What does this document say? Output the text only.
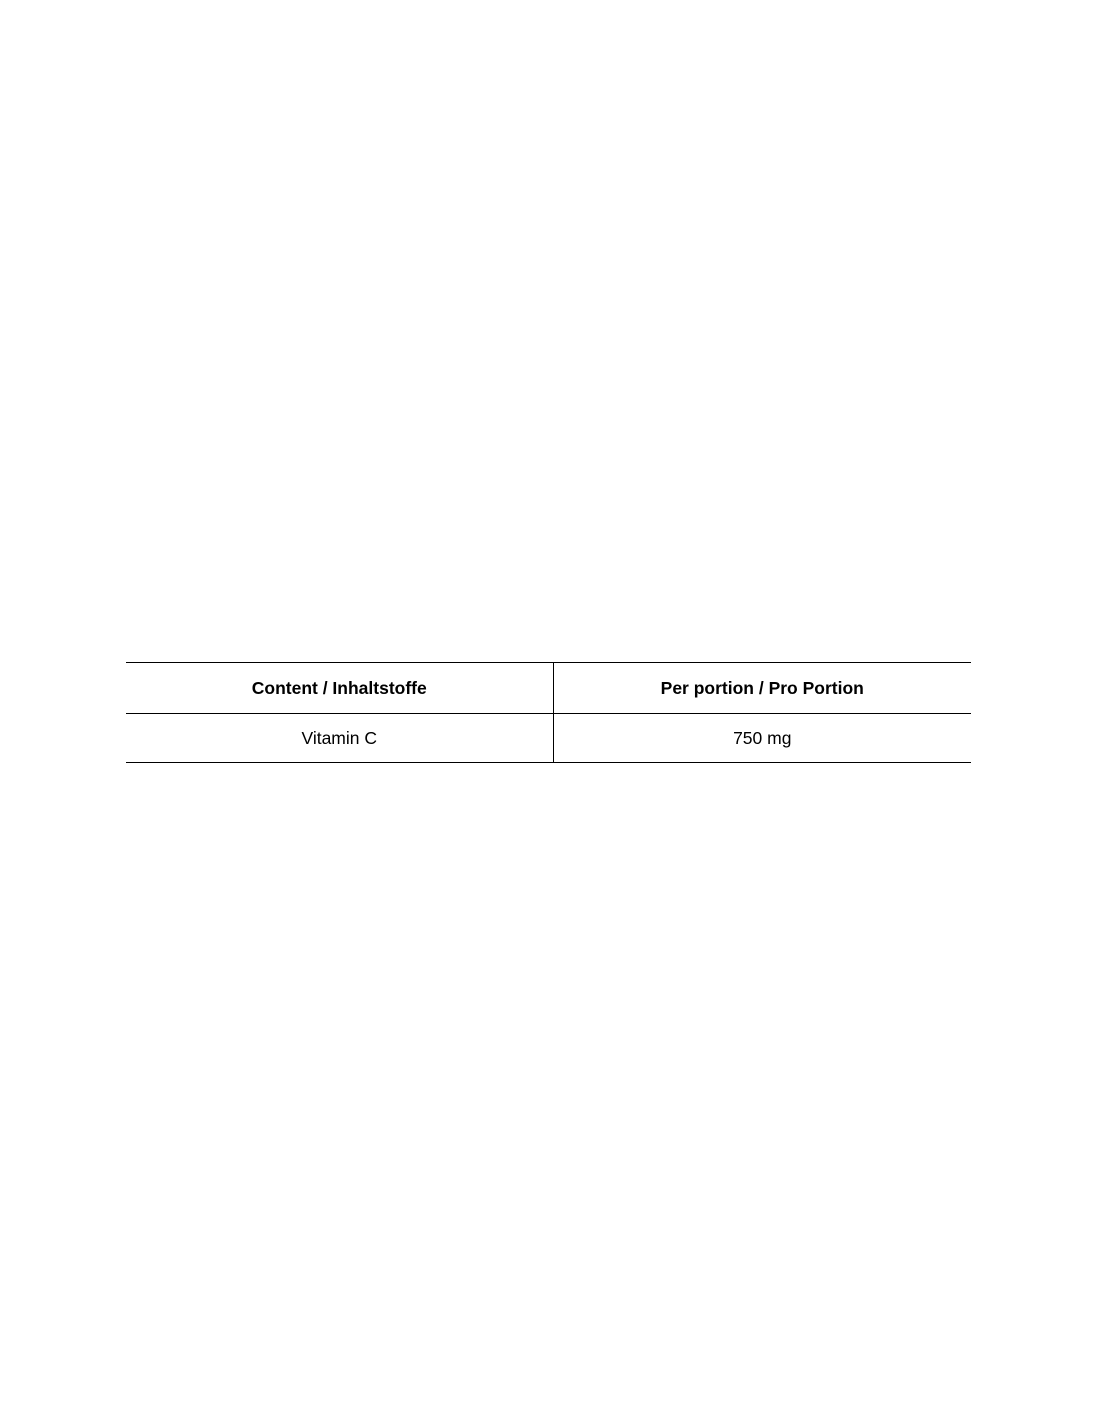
Content / Inhaltstoffe	Per portion / Pro Portion
Vitamin C	750 mg
